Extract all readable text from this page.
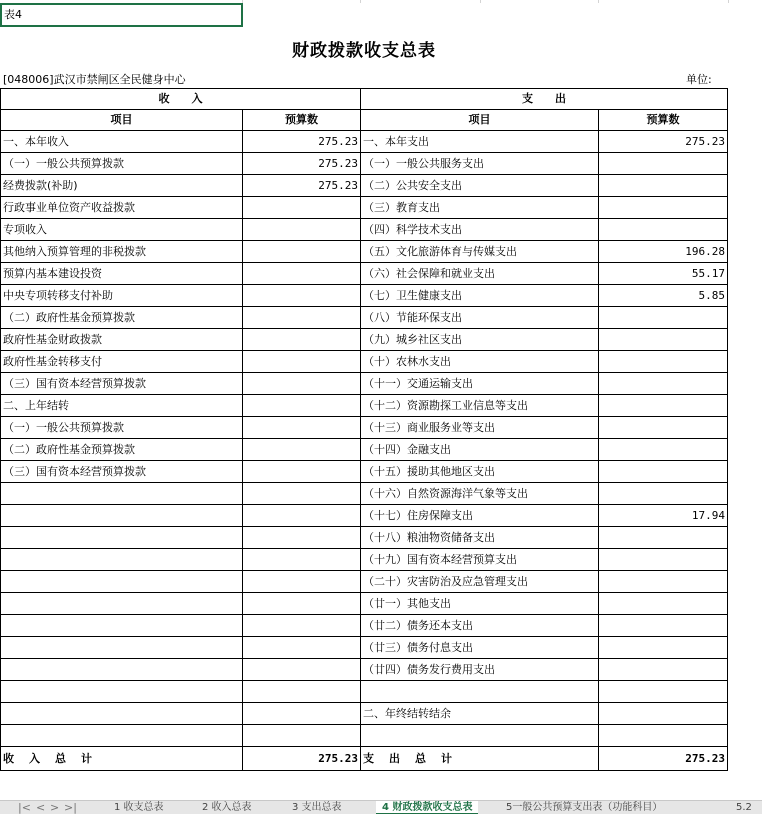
表4
财政拨款收支总表
[048006]武汉市禁闸区全民健身中心	单位:
收　　入		支　　出	
项目	预算数	项目	预算数
一、本年收入	275.23	一、本年支出	275.23
（一）一般公共预算拨款	275.23	（一）一般公共服务支出	
经费拨款(补助)	275.23	（二）公共安全支出	
行政事业单位资产收益拨款		（三）教育支出	
专项收入		（四）科学技术支出	
其他纳入预算管理的非税拨款		（五）文化旅游体育与传媒支出	196.28
预算内基本建设投资		（六）社会保障和就业支出	55.17
中央专项转移支付补助		（七）卫生健康支出	5.85
（二）政府性基金预算拨款		（八）节能环保支出	
政府性基金财政拨款		（九）城乡社区支出	
政府性基金转移支付		（十）农林水支出	
（三）国有资本经营预算拨款		（十一）交通运输支出	
二、上年结转		（十二）资源勘探工业信息等支出	
（一）一般公共预算拨款		（十三）商业服务业等支出	
（二）政府性基金预算拨款		（十四）金融支出	
（三）国有资本经营预算拨款		（十五）援助其他地区支出	
		（十六）自然资源海洋气象等支出	
		（十七）住房保障支出	17.94
		（十八）粮油物资储备支出	
		（十九）国有资本经营预算支出	
		（二十）灾害防治及应急管理支出	
		（廿一）其他支出	
		（廿二）债务还本支出	
		（廿三）债务付息支出	
		（廿四）债务发行费用支出	

		二、年终结转结余	

收　入　总　计	275.23	支　出　总　计	275.23
|< < > >|	1 收支总表	2 收入总表	3 支出总表	4 财政拨款收支总表	5一般公共预算支出表（功能科目）	5.2
